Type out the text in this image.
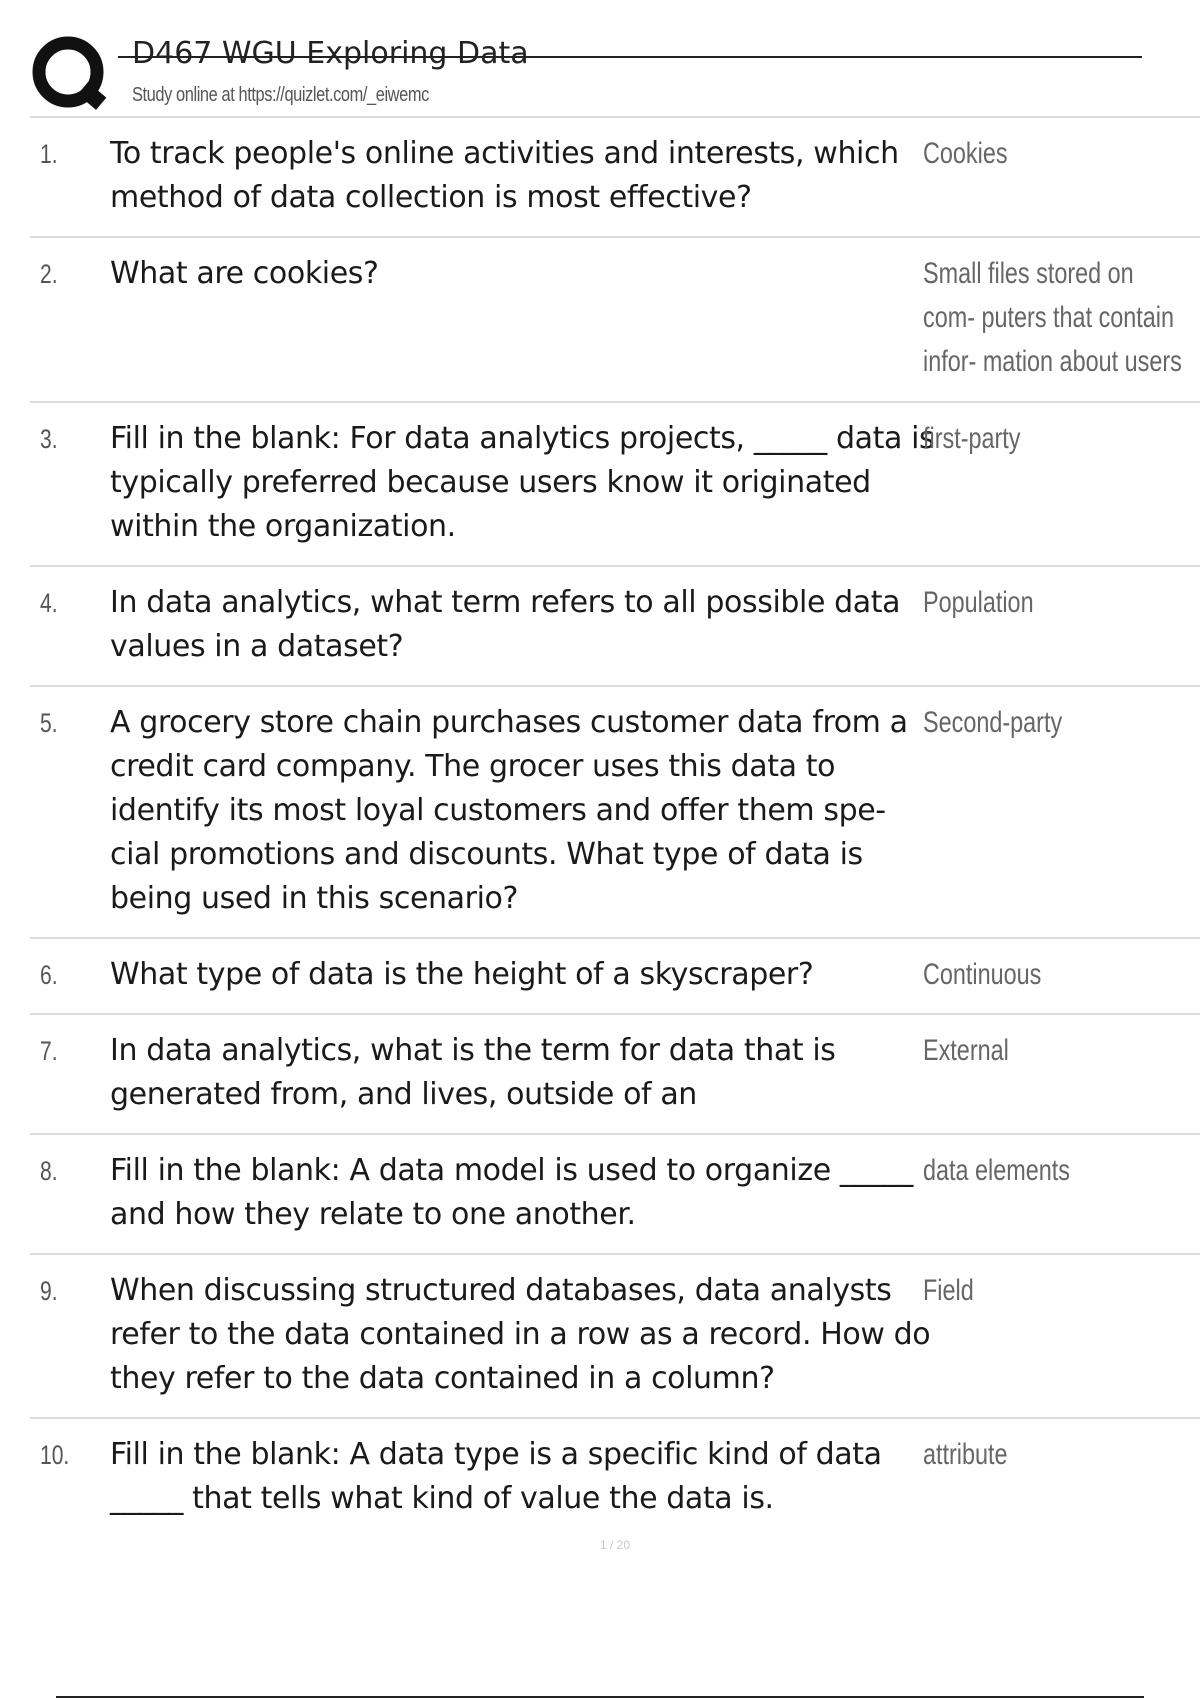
D467 WGU Exploring Data
Study online at https://quizlet.com/_eiwemc
1. To track people's online activities and interests, which method of data collection is most effective?
Cookies
2. What are cookies?	Small files stored on com- puters that contain infor- mation about users
3. Fill in the blank: For data analytics projects, _____ data is typically preferred because users know it originated within the organization.
first-party
4. In data analytics, what term refers to all possible data values in a dataset?
Population
5. A grocery store chain purchases customer data from a credit card company. The grocer uses this data to identify its most loyal customers and offer them spe- cial promotions and discounts. What type of data is being used in this scenario?
Second-party
6. What type of data is the height of a skyscraper?	Continuous
7. In data analytics, what is the term for data that is generated from, and lives, outside of an
External
8. Fill in the blank: A data model is used to organize _____ and how they relate to one another.
data elements
9. When discussing structured databases, data analysts refer to the data contained in a row as a record. How do they refer to the data contained in a column?
Field
10. Fill in the blank: A data type is a specific kind of data _____ that tells what kind of value the data is.
attribute
1 / 20
